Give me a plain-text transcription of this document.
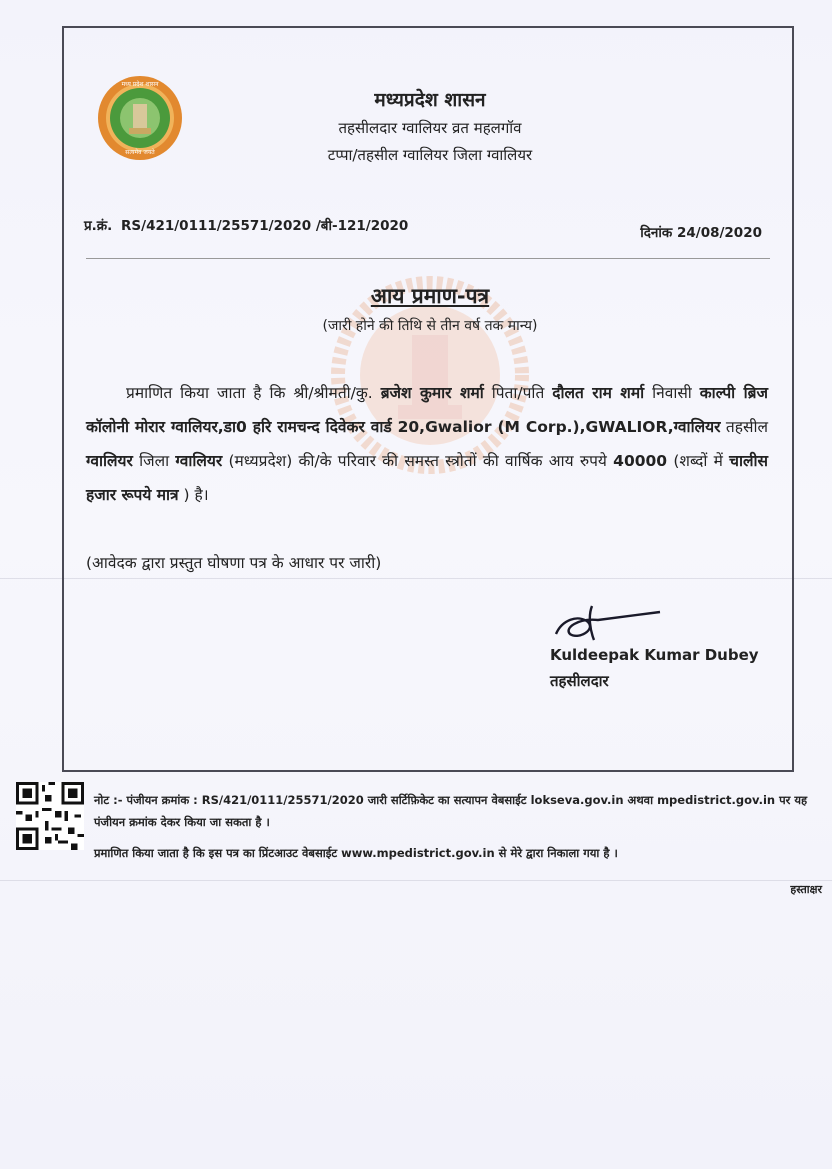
मध्य प्रदेश शासन
सत्यमेव जयते
मध्यप्रदेश शासन
तहसीलदार ग्वालियर व्रत महलगॉव
टप्पा/तहसील ग्वालियर जिला ग्वालियर
प्र.क्रं. RS/421/0111/25571/2020 /बी-121/2020	दिनांक 24/08/2020
आय प्रमाण-पत्र
(जारी होने की तिथि से तीन वर्ष तक मान्य)
प्रमाणित किया जाता है कि श्री/श्रीमती/कु. ब्रजेश कुमार शर्मा पिता/पति दौलत राम शर्मा निवासी काल्पी ब्रिज कॉलोनी मोरार ग्वालियर,डा0 हरि रामचन्द दिवेकर वार्ड 20,Gwalior (M Corp.),GWALIOR,ग्वालियर तहसील ग्वालियर जिला ग्वालियर (मध्यप्रदेश) की/के परिवार की समस्त स्त्रोतों की वार्षिक आय रुपये 40000 (शब्दों में चालीस हजार रूपये मात्र ) है।
(आवेदक द्वारा प्रस्तुत घोषणा पत्र के आधार पर जारी)
Kuldeepak Kumar Dubey
तहसीलदार
नोट :- पंजीयन क्रमांक : RS/421/0111/25571/2020 जारी सर्टिफ़िकेट का सत्यापन वेबसाईट lokseva.gov.in अथवा mpedistrict.gov.in पर यह पंजीयन क्रमांक देकर किया जा सकता है ।
प्रमाणित किया जाता है कि इस पत्र का प्रिंटआउट वेबसाईट www.mpedistrict.gov.in से मेरे द्वारा निकाला गया है ।
हस्ताक्षर
